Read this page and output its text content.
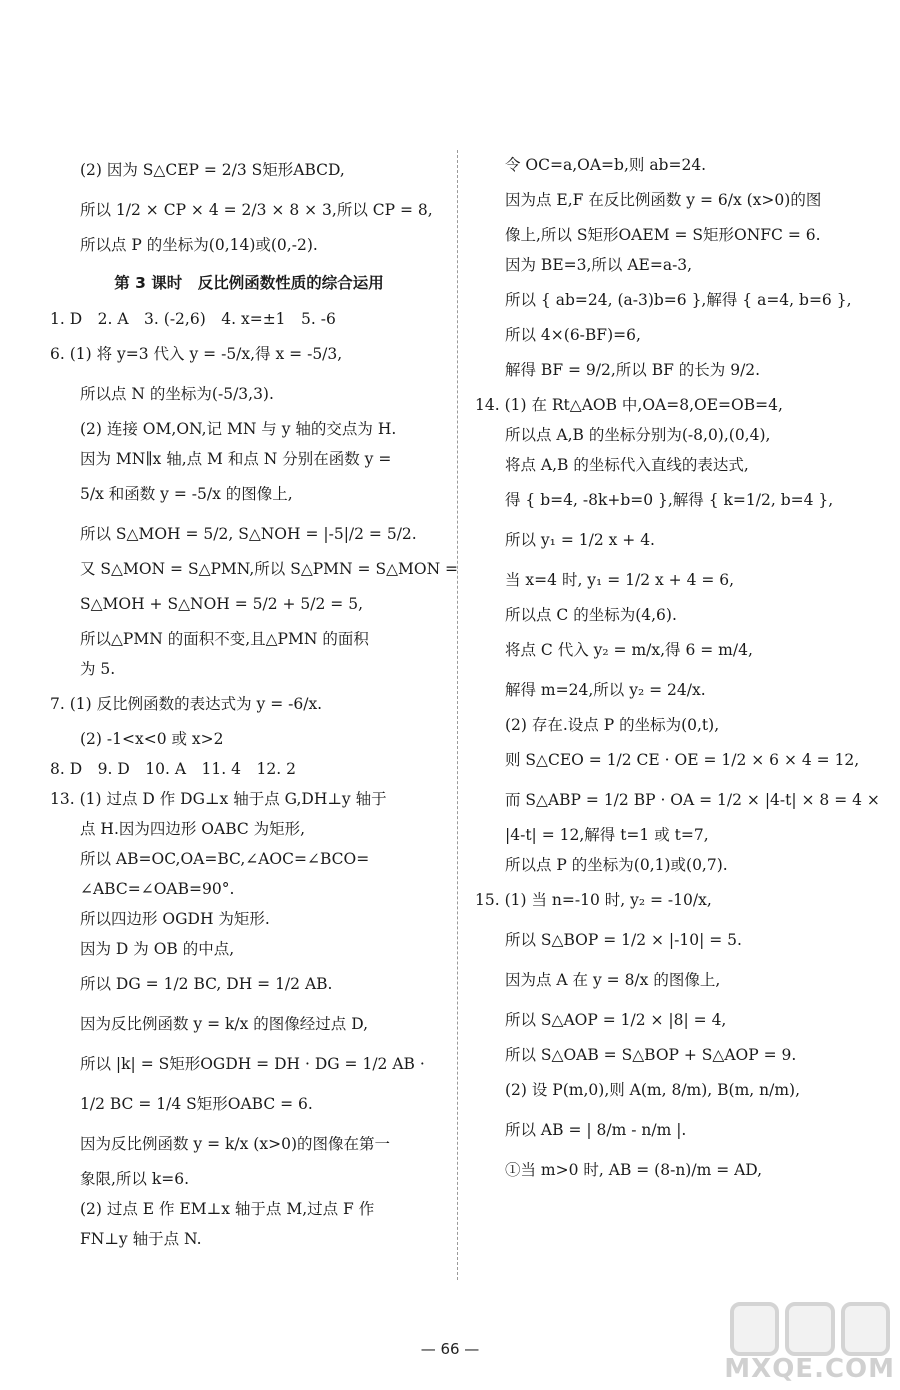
(2) 因为 S△CEP = 2/3 S矩形ABCD,
所以 1/2 × CP × 4 = 2/3 × 8 × 3,所以 CP = 8,
所以点 P 的坐标为(0,14)或(0,-2).
第 3 课时　反比例函数性质的综合运用
1. D　2. A　3. (-2,6)　4. x=±1　5. -6
6. (1) 将 y=3 代入 y = -5/x,得 x = -5/3,
所以点 N 的坐标为(-5/3,3).
(2) 连接 OM,ON,记 MN 与 y 轴的交点为 H.
因为 MN∥x 轴,点 M 和点 N 分别在函数 y =
5/x 和函数 y = -5/x 的图像上,
所以 S△MOH = 5/2, S△NOH = |-5|/2 = 5/2.
又 S△MON = S△PMN,所以 S△PMN = S△MON =
S△MOH + S△NOH = 5/2 + 5/2 = 5,
所以△PMN 的面积不变,且△PMN 的面积
为 5.
7. (1) 反比例函数的表达式为 y = -6/x.
(2) -1<x<0 或 x>2
8. D　9. D　10. A　11. 4　12. 2
13. (1) 过点 D 作 DG⊥x 轴于点 G,DH⊥y 轴于
点 H.因为四边形 OABC 为矩形,
所以 AB=OC,OA=BC,∠AOC=∠BCO=
∠ABC=∠OAB=90°.
所以四边形 OGDH 为矩形.
因为 D 为 OB 的中点,
所以 DG = 1/2 BC, DH = 1/2 AB.
因为反比例函数 y = k/x 的图像经过点 D,
所以 |k| = S矩形OGDH = DH · DG = 1/2 AB ·
1/2 BC = 1/4 S矩形OABC = 6.
因为反比例函数 y = k/x (x>0)的图像在第一
象限,所以 k=6.
(2) 过点 E 作 EM⊥x 轴于点 M,过点 F 作
FN⊥y 轴于点 N.
令 OC=a,OA=b,则 ab=24.
因为点 E,F 在反比例函数 y = 6/x (x>0)的图
像上,所以 S矩形OAEM = S矩形ONFC = 6.
因为 BE=3,所以 AE=a-3,
所以 { ab=24, (a-3)b=6 },解得 { a=4, b=6 },
所以 4×(6-BF)=6,
解得 BF = 9/2,所以 BF 的长为 9/2.
14. (1) 在 Rt△AOB 中,OA=8,OE=OB=4,
所以点 A,B 的坐标分别为(-8,0),(0,4),
将点 A,B 的坐标代入直线的表达式,
得 { b=4, -8k+b=0 },解得 { k=1/2, b=4 },
所以 y₁ = 1/2 x + 4.
当 x=4 时, y₁ = 1/2 x + 4 = 6,
所以点 C 的坐标为(4,6).
将点 C 代入 y₂ = m/x,得 6 = m/4,
解得 m=24,所以 y₂ = 24/x.
(2) 存在.设点 P 的坐标为(0,t),
则 S△CEO = 1/2 CE · OE = 1/2 × 6 × 4 = 12,
而 S△ABP = 1/2 BP · OA = 1/2 × |4-t| × 8 = 4 ×
|4-t| = 12,解得 t=1 或 t=7,
所以点 P 的坐标为(0,1)或(0,7).
15. (1) 当 n=-10 时, y₂ = -10/x,
所以 S△BOP = 1/2 × |-10| = 5.
因为点 A 在 y = 8/x 的图像上,
所以 S△AOP = 1/2 × |8| = 4,
所以 S△OAB = S△BOP + S△AOP = 9.
(2) 设 P(m,0),则 A(m, 8/m), B(m, n/m),
所以 AB = | 8/m - n/m |.
①当 m>0 时, AB = (8-n)/m = AD,
— 66 —
MXQE.COM
